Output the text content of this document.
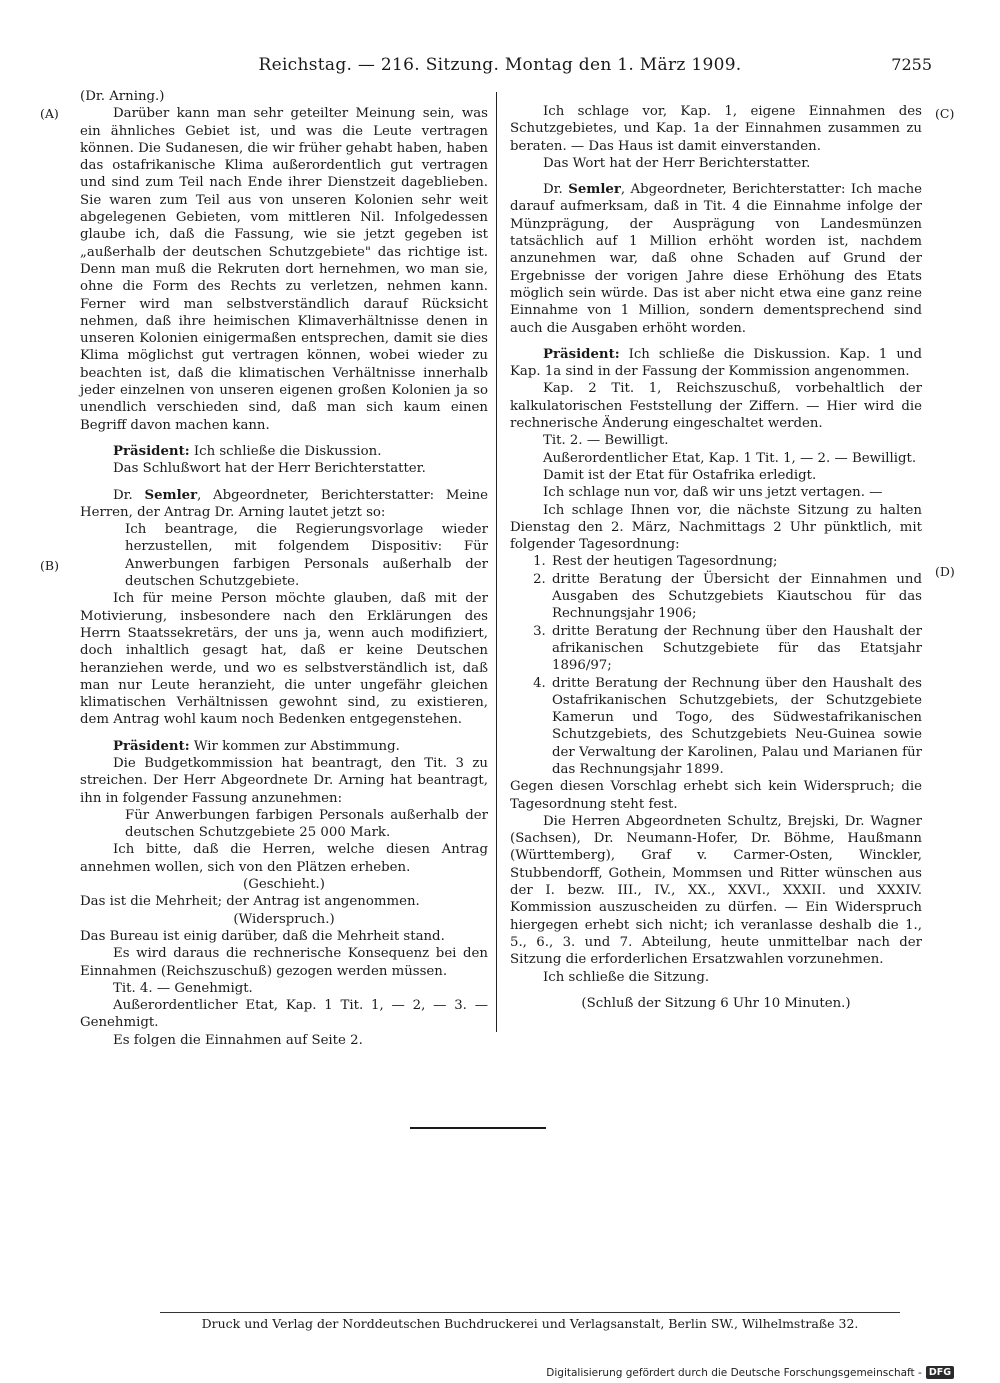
Reichstag. — 216. Sitzung. Montag den 1. März 1909.	7255
(A)
(B)
(C)
(D)

(Dr. Arning.)

Darüber kann man sehr geteilter Meinung sein, was ein ähnliches Gebiet ist, und was die Leute vertragen können. Die Sudanesen, die wir früher gehabt haben, haben das ostafrikanische Klima außerordentlich gut vertragen und sind zum Teil nach Ende ihrer Dienstzeit dageblieben. Sie waren zum Teil aus von unseren Kolonien sehr weit abgelegenen Gebieten, vom mittleren Nil. Infolgedessen glaube ich, daß die Fassung, wie sie jetzt gegeben ist „außerhalb der deutschen Schutzgebiete" das richtige ist. Denn man muß die Rekruten dort hernehmen, wo man sie, ohne die Form des Rechts zu verletzen, nehmen kann. Ferner wird man selbstverständlich darauf Rücksicht nehmen, daß ihre heimischen Klimaverhältnisse denen in unseren Kolonien einigermaßen entsprechen, damit sie dies Klima möglichst gut vertragen können, wobei wieder zu beachten ist, daß die klimatischen Verhältnisse innerhalb jeder einzelnen von unseren eigenen großen Kolonien ja so unendlich verschieden sind, daß man sich kaum einen Begriff davon machen kann.

Präsident: Ich schließe die Diskussion.

Das Schlußwort hat der Herr Berichterstatter.

Dr. Semler, Abgeordneter, Berichterstatter: Meine Herren, der Antrag Dr. Arning lautet jetzt so:

Ich beantrage, die Regierungsvorlage wieder herzustellen, mit folgendem Dispositiv: Für Anwerbungen farbigen Personals außerhalb der deutschen Schutzgebiete.

Ich für meine Person möchte glauben, daß mit der Motivierung, insbesondere nach den Erklärungen des Herrn Staatssekretärs, der uns ja, wenn auch modifiziert, doch inhaltlich gesagt hat, daß er keine Deutschen heranziehen werde, und wo es selbstverständlich ist, daß man nur Leute heranzieht, die unter ungefähr gleichen klimatischen Verhältnissen gewohnt sind, zu existieren, dem Antrag wohl kaum noch Bedenken entgegenstehen.

Präsident: Wir kommen zur Abstimmung.

Die Budgetkommission hat beantragt, den Tit. 3 zu streichen. Der Herr Abgeordnete Dr. Arning hat beantragt, ihn in folgender Fassung anzunehmen:

Für Anwerbungen farbigen Personals außerhalb der deutschen Schutzgebiete 25 000 Mark.

Ich bitte, daß die Herren, welche diesen Antrag annehmen wollen, sich von den Plätzen erheben.

(Geschieht.)

Das ist die Mehrheit; der Antrag ist angenommen.

(Widerspruch.)

Das Bureau ist einig darüber, daß die Mehrheit stand.

Es wird daraus die rechnerische Konsequenz bei den Einnahmen (Reichszuschuß) gezogen werden müssen.

Tit. 4. — Genehmigt.

Außerordentlicher Etat, Kap. 1 Tit. 1, — 2, — 3. — Genehmigt.

Es folgen die Einnahmen auf Seite 2.

Ich schlage vor, Kap. 1, eigene Einnahmen des Schutzgebietes, und Kap. 1a der Einnahmen zusammen zu beraten. — Das Haus ist damit einverstanden.

Das Wort hat der Herr Berichterstatter.

Dr. Semler, Abgeordneter, Berichterstatter: Ich mache darauf aufmerksam, daß in Tit. 4 die Einnahme infolge der Münzprägung, der Ausprägung von Landesmünzen tatsächlich auf 1 Million erhöht worden ist, nachdem anzunehmen war, daß ohne Schaden auf Grund der Ergebnisse der vorigen Jahre diese Erhöhung des Etats möglich sein würde. Das ist aber nicht etwa eine ganz reine Einnahme von 1 Million, sondern dementsprechend sind auch die Ausgaben erhöht worden.

Präsident: Ich schließe die Diskussion. Kap. 1 und Kap. 1a sind in der Fassung der Kommission angenommen.

Kap. 2 Tit. 1, Reichszuschuß, vorbehaltlich der kalkulatorischen Feststellung der Ziffern. — Hier wird die rechnerische Änderung eingeschaltet werden.

Tit. 2. — Bewilligt.

Außerordentlicher Etat, Kap. 1 Tit. 1, — 2. — Bewilligt.

Damit ist der Etat für Ostafrika erledigt.

Ich schlage nun vor, daß wir uns jetzt vertagen. —

Ich schlage Ihnen vor, die nächste Sitzung zu halten Dienstag den 2. März, Nachmittags 2 Uhr pünktlich, mit folgender Tagesordnung:

1. Rest der heutigen Tagesordnung;
2. dritte Beratung der Übersicht der Einnahmen und Ausgaben des Schutzgebiets Kiautschou für das Rechnungsjahr 1906;
3. dritte Beratung der Rechnung über den Haushalt der afrikanischen Schutzgebiete für das Etatsjahr 1896/97;
4. dritte Beratung der Rechnung über den Haushalt des Ostafrikanischen Schutzgebiets, der Schutzgebiete Kamerun und Togo, des Südwestafrikanischen Schutzgebiets, des Schutzgebiets Neu-Guinea sowie der Verwaltung der Karolinen, Palau und Marianen für das Rechnungsjahr 1899.

Gegen diesen Vorschlag erhebt sich kein Widerspruch; die Tagesordnung steht fest.

Die Herren Abgeordneten Schultz, Brejski, Dr. Wagner (Sachsen), Dr. Neumann-Hofer, Dr. Böhme, Haußmann (Württemberg), Graf v. Carmer-Osten, Winckler, Stubbendorff, Gothein, Mommsen und Ritter wünschen aus der I. bezw. III., IV., XX., XXVI., XXXII. und XXXIV. Kommission auszuscheiden zu dürfen. — Ein Widerspruch hiergegen erhebt sich nicht; ich veranlasse deshalb die 1., 5., 6., 3. und 7. Abteilung, heute unmittelbar nach der Sitzung die erforderlichen Ersatzwahlen vorzunehmen.

Ich schließe die Sitzung.

(Schluß der Sitzung 6 Uhr 10 Minuten.)

Druck und Verlag der Norddeutschen Buchdruckerei und Verlagsanstalt, Berlin SW., Wilhelmstraße 32.
Digitalisierung gefördert durch die Deutsche Forschungsgemeinschaft - DFG
